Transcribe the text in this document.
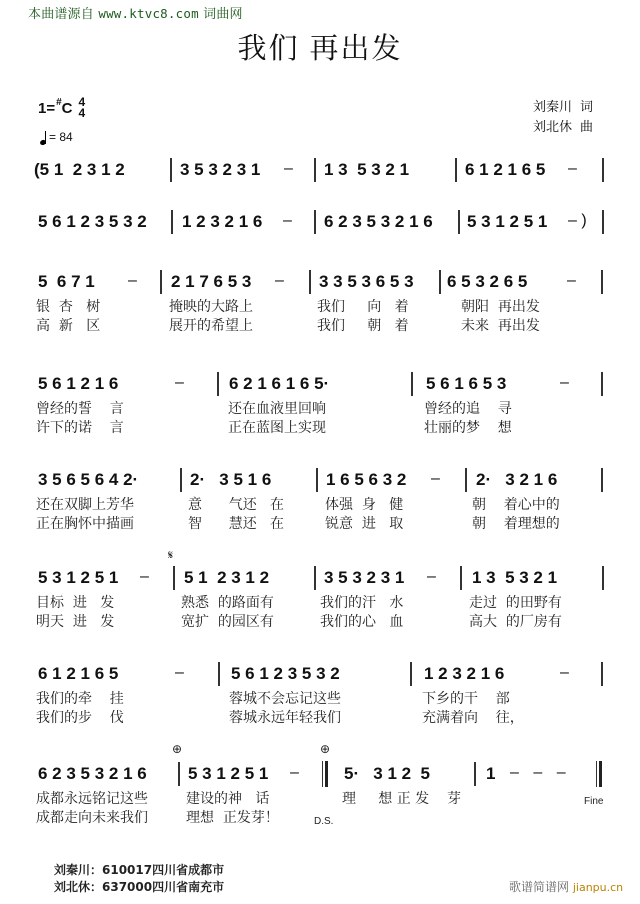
本曲谱源自 www.ktvc8.com 词曲网
我们 再出发
1= # C 4
4
= 84
刘秦川 词
刘北休 曲
(5 1  2 3 1 2	3 5 3 2 3 1 – 1 3  5 3 2 1	6 1 2 1 6 5 –
5 6 1 2 3 5 3 2 1 2 3 2 1 6 – 6 2 3 5 3 2 1 6 5 3 1 2 5 1 – )
5  6 7 1 – 2 1 7 6 5 3 – 3 3 5 3 6 5 3 6 5 3 2 6 5 –
银  杏   树	掩映的大路上	我们     向   着	朝阳  再出发
高  新   区	展开的希望上	我们     朝   着	未来  再出发
5 6 1 2 1 6	–	6 2 1 6 1 6 5·	5 6 1 6 5 3	–
曾经的誓    言	还在血液里回响	曾经的追    寻
许下的诺    言	正在蓝图上实现	壮丽的梦    想
3 5 6 5 6 4 2·	2·   3 5 1 6	1 6 5 6 3 2 – 2·   3 2 1 6
还在双脚上芳华	意      气还   在	体强  身   健	朝    着心中的
正在胸怀中描画	智      慧还   在	锐意  进   取	朝    着理想的
𝄋
5 3 1 2 5 1 – 5 1  2 3 1 2	3 5 3 2 3 1 – 1 3  5 3 2 1
目标  进   发	熟悉  的路面有	我们的汗   水	走过  的田野有
明天  进   发	宽扩  的园区有	我们的心   血	高大  的厂房有
6 1 2 1 6 5	–	5 6 1 2 3 5 3 2	1 2 3 2 1 6	–
我们的牵    挂	蓉城不会忘记这些	下乡的干    部
我们的步    伐	蓉城永远年轻我们	充满着向    往，
⊕	⊕
6 2 3 5 3 2 1 6 5 3 1 2 5 1 –	5·   3 1 2  5	1 – – –
成都永远铭记这些	建设的神   话	理     想 正 发    芽
成都走向未来我们	理想  正发芽！	D.S.
Fine
刘秦川：610017四川省成都市
刘北休：637000四川省南充市	歌谱简谱网 jianpu.cn
